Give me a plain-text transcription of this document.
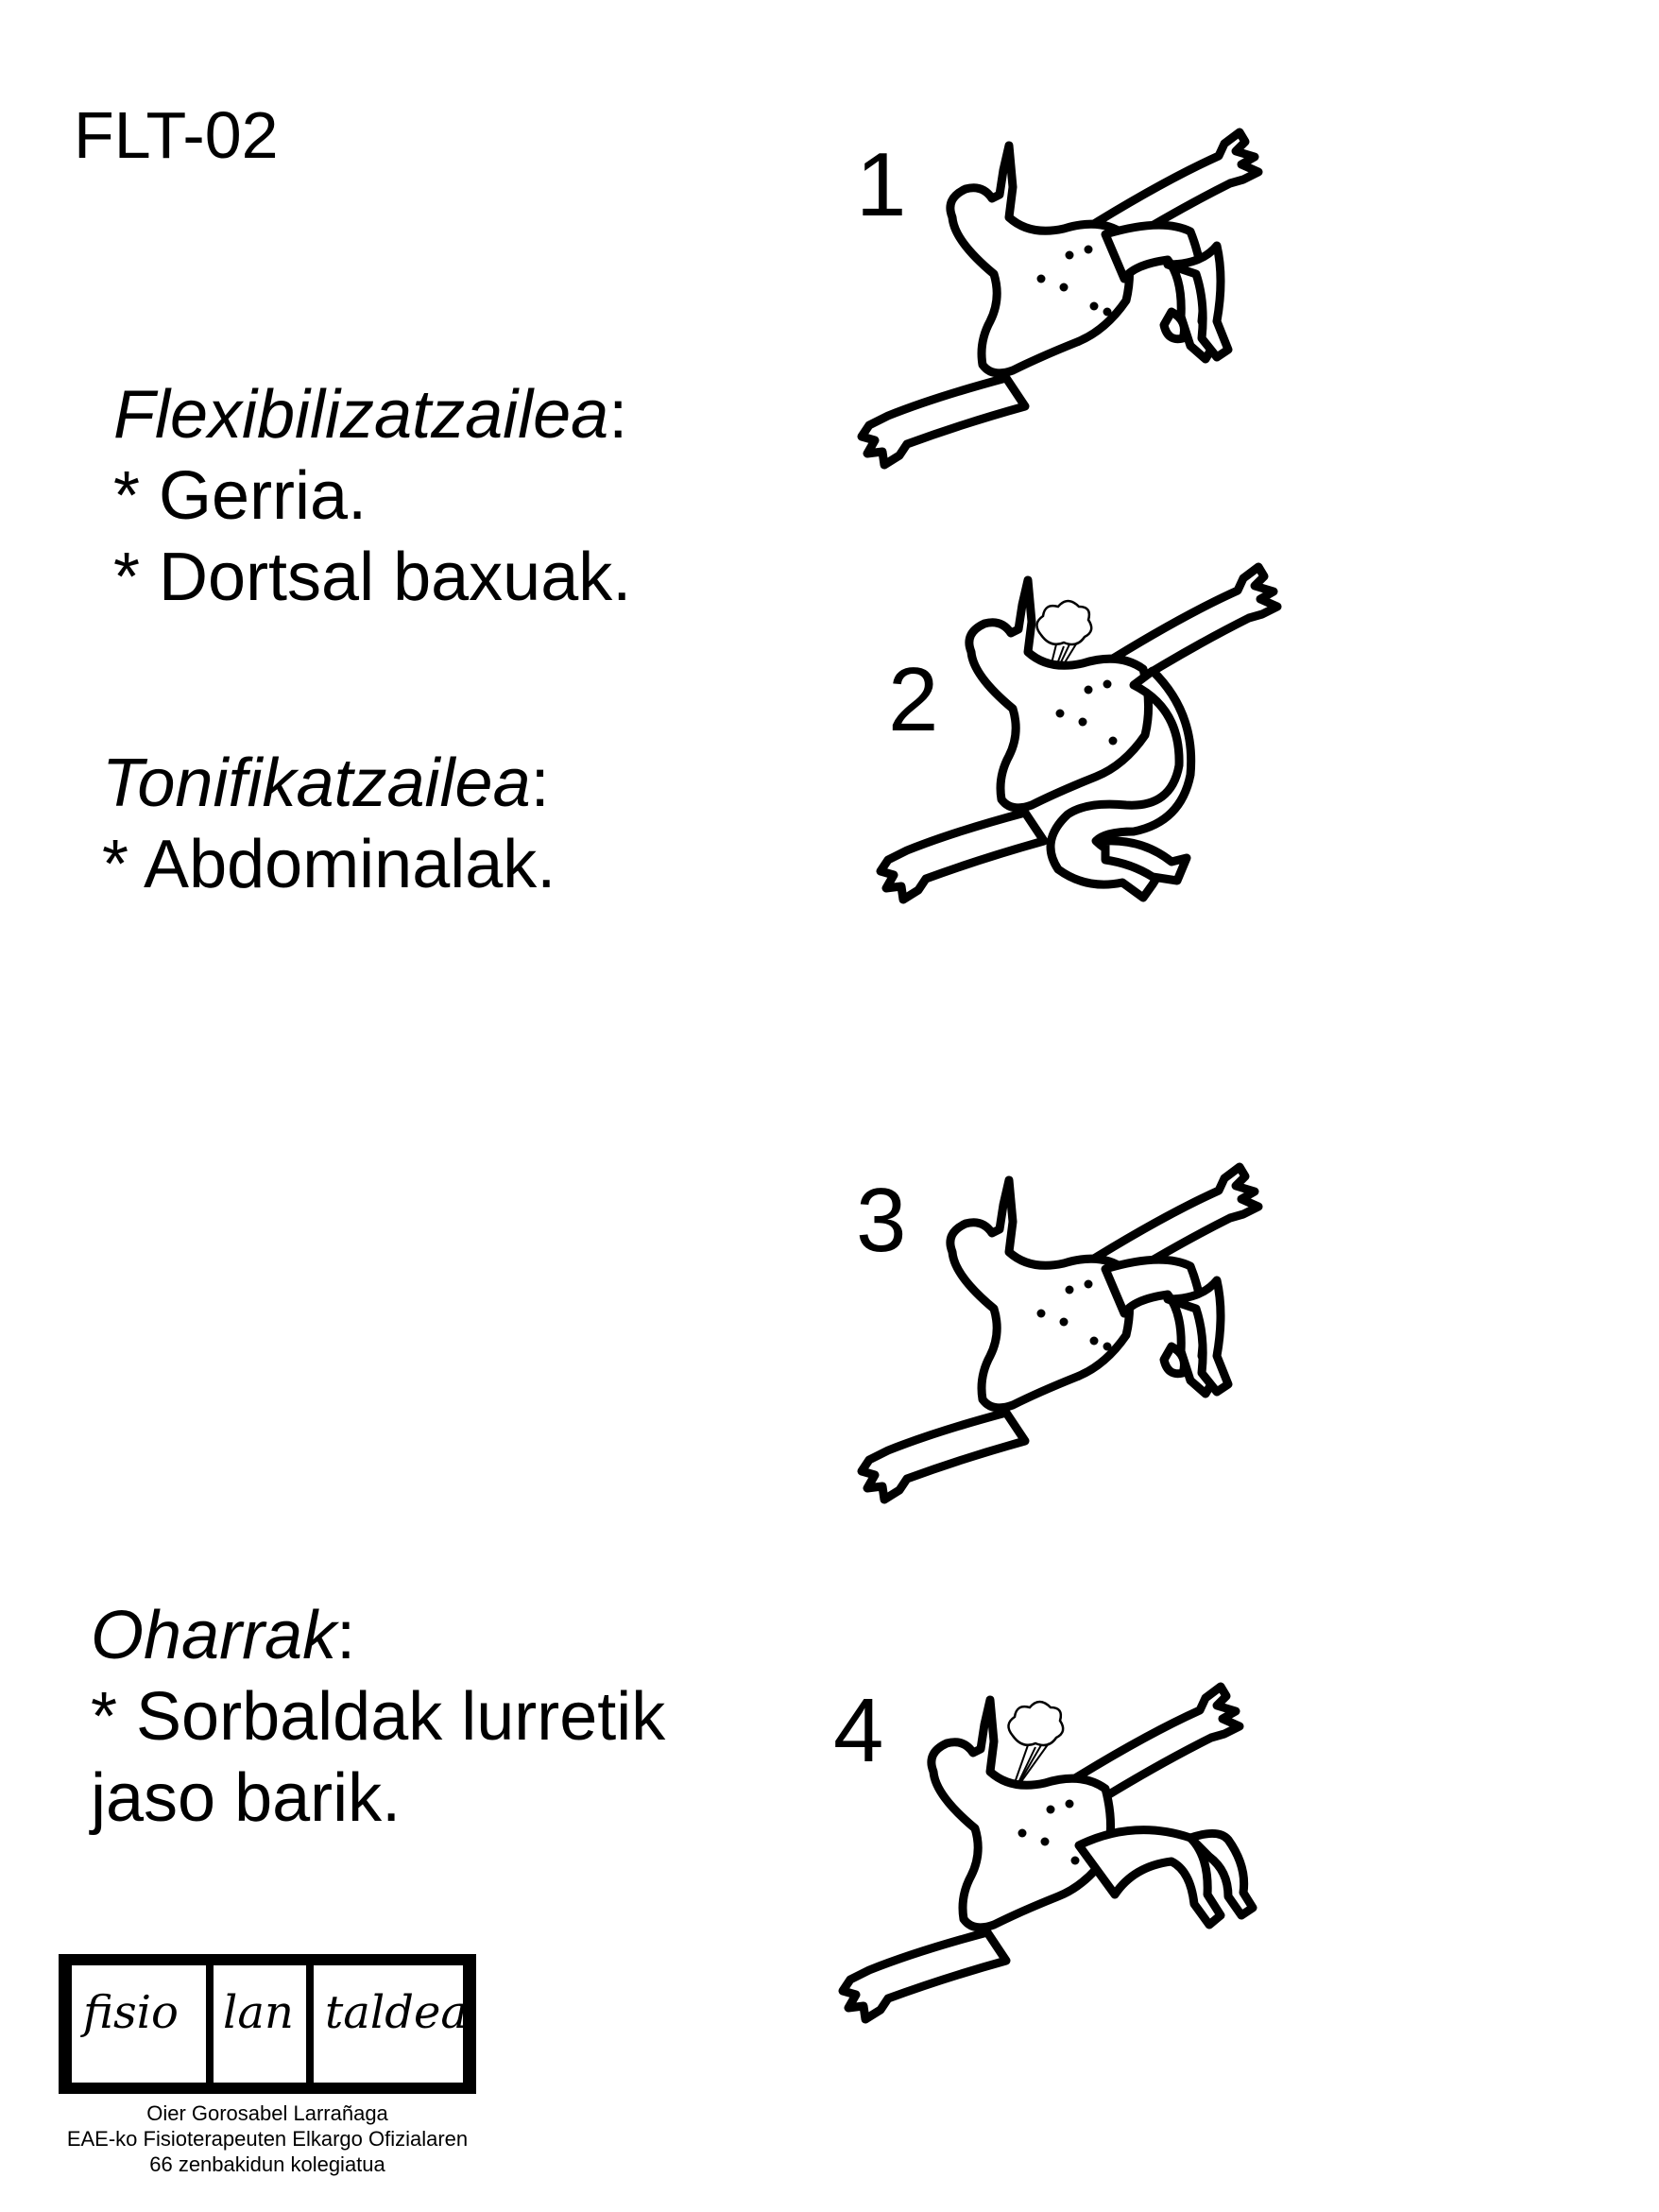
FLT-02
Flexibilizatzailea:
* Gerria.
* Dortsal baxuak.
Tonifikatzailea:
* Abdominalak.
Oharrak:
* Sorbaldak lurretik
jaso barik.
1
2
3
4
fisio lan taldea
Oier Gorosabel Larrañaga
EAE-ko Fisioterapeuten Elkargo Ofizialaren
66 zenbakidun kolegiatua
